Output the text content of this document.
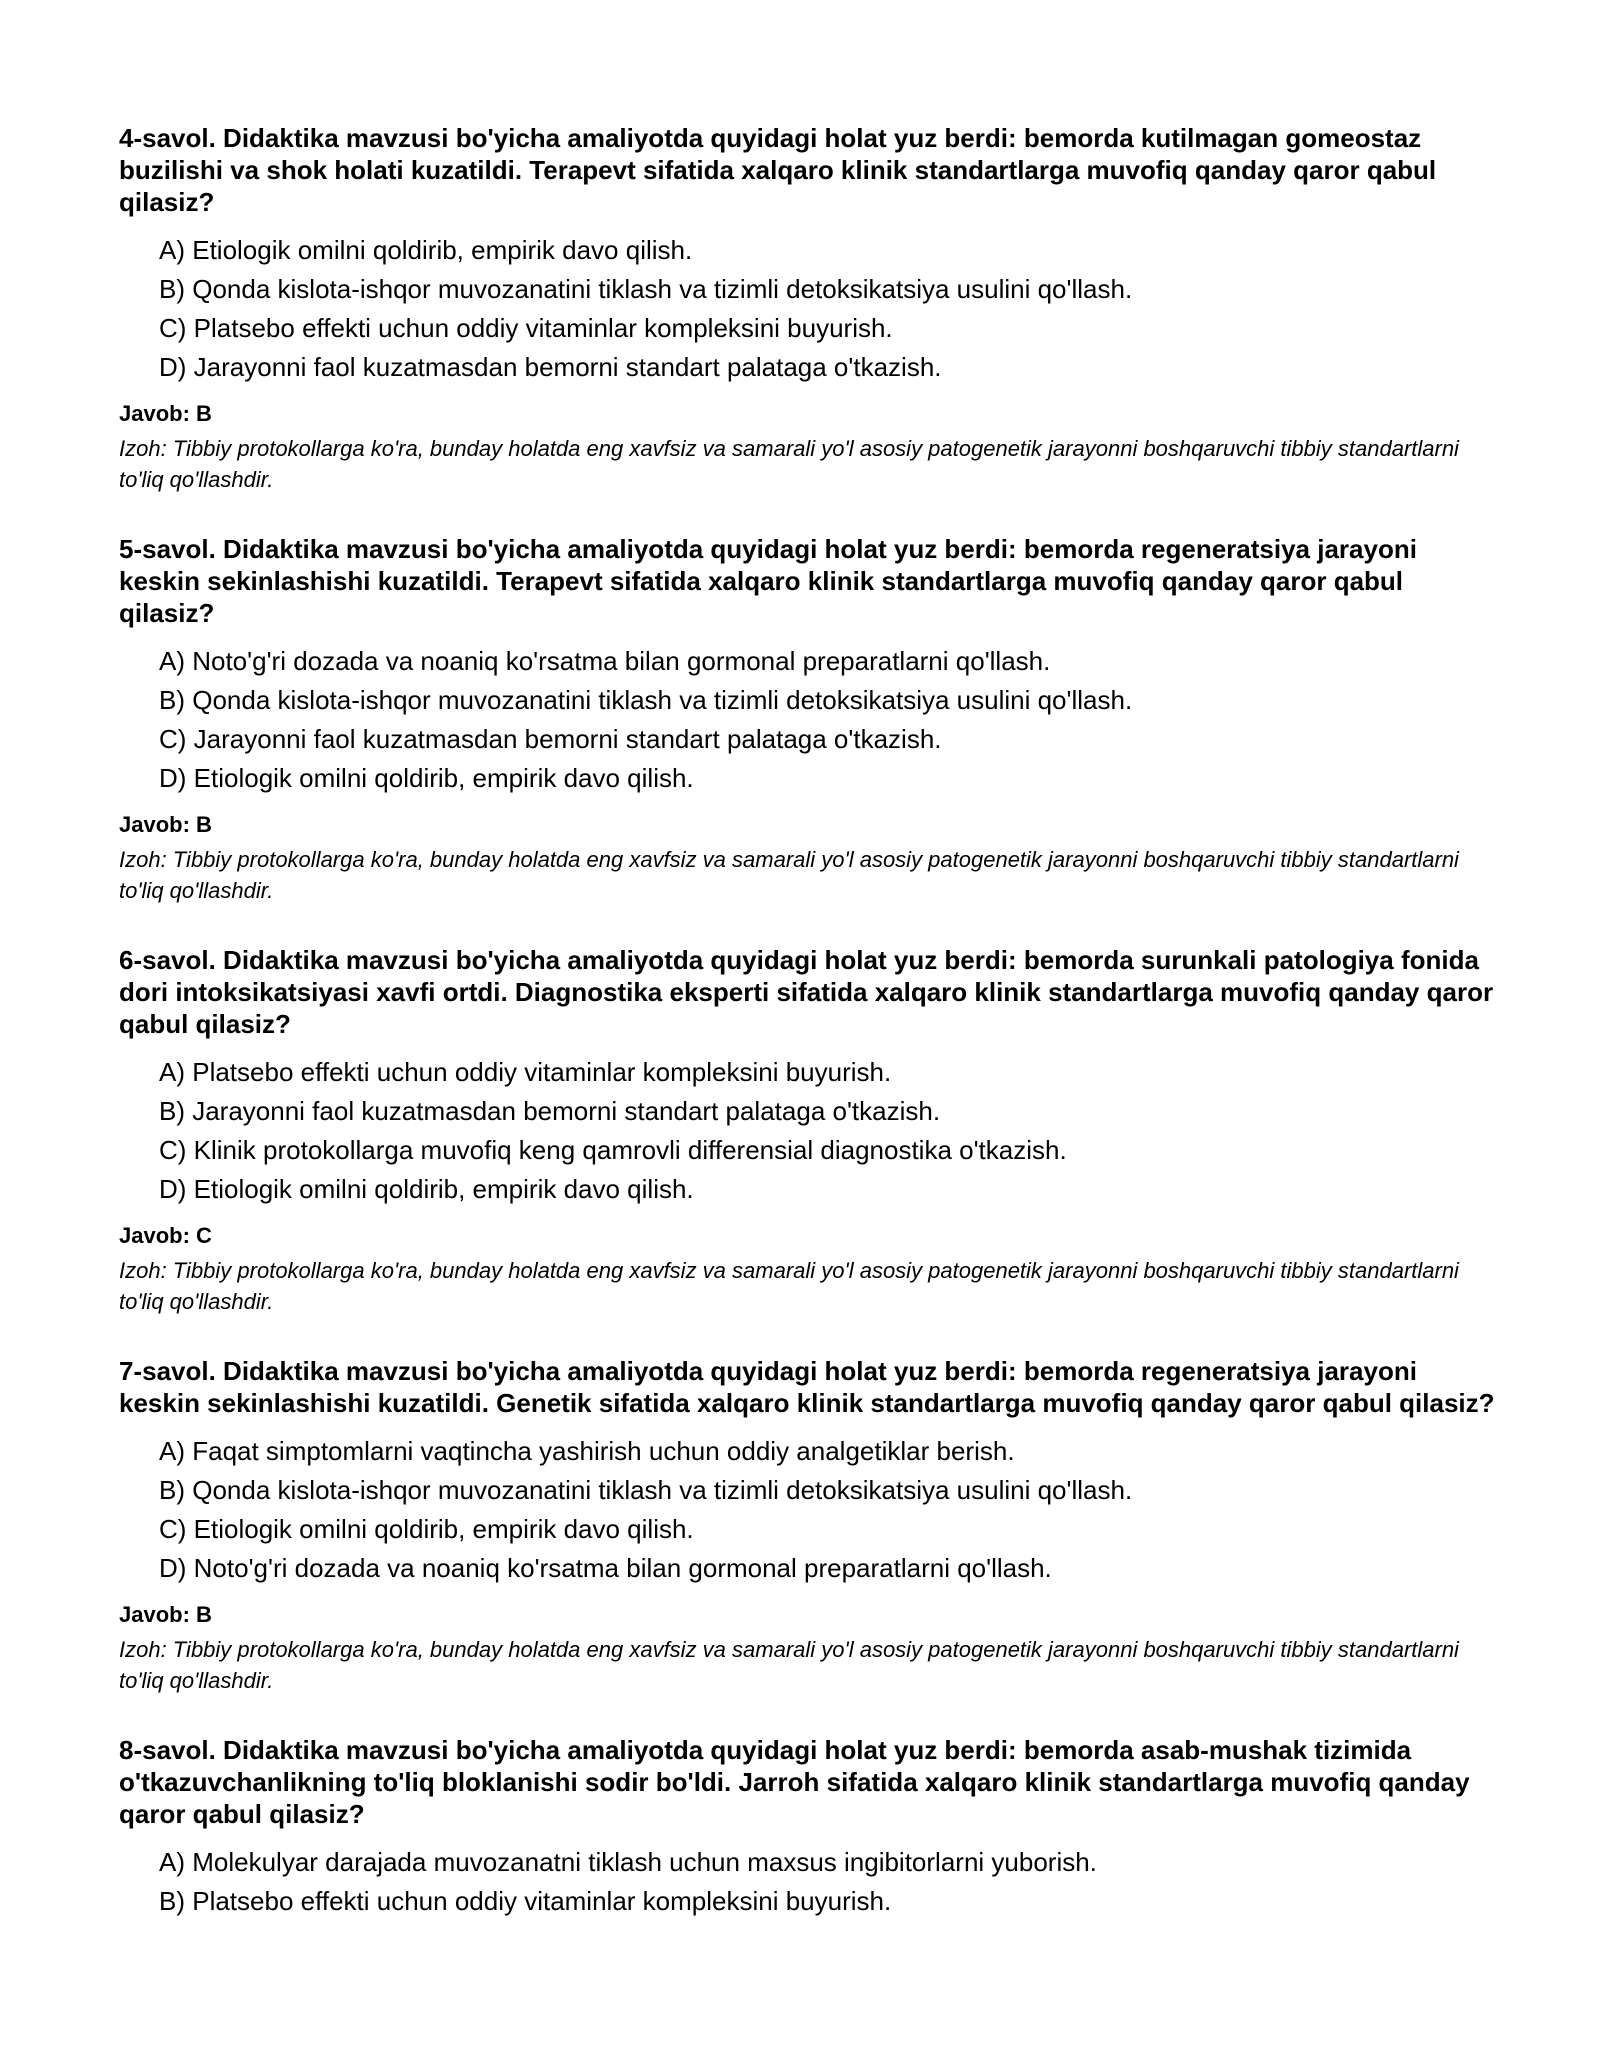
4-savol. Didaktika mavzusi bo'yicha amaliyotda quyidagi holat yuz berdi: bemorda kutilmagan gomeostaz buzilishi va shok holati kuzatildi. Terapevt sifatida xalqaro klinik standartlarga muvofiq qanday qaror qabul qilasiz?
A) Etiologik omilni qoldirib, empirik davo qilish.
B) Qonda kislota-ishqor muvozanatini tiklash va tizimli detoksikatsiya usulini qo'llash.
C) Platsebo effekti uchun oddiy vitaminlar kompleksini buyurish.
D) Jarayonni faol kuzatmasdan bemorni standart palataga o'tkazish.
Javob: B
Izoh: Tibbiy protokollarga ko'ra, bunday holatda eng xavfsiz va samarali yo'l asosiy patogenetik jarayonni boshqaruvchi tibbiy standartlarni to'liq qo'llashdir.
5-savol. Didaktika mavzusi bo'yicha amaliyotda quyidagi holat yuz berdi: bemorda regeneratsiya jarayoni keskin sekinlashishi kuzatildi. Terapevt sifatida xalqaro klinik standartlarga muvofiq qanday qaror qabul qilasiz?
A) Noto'g'ri dozada va noaniq ko'rsatma bilan gormonal preparatlarni qo'llash.
B) Qonda kislota-ishqor muvozanatini tiklash va tizimli detoksikatsiya usulini qo'llash.
C) Jarayonni faol kuzatmasdan bemorni standart palataga o'tkazish.
D) Etiologik omilni qoldirib, empirik davo qilish.
Javob: B
Izoh: Tibbiy protokollarga ko'ra, bunday holatda eng xavfsiz va samarali yo'l asosiy patogenetik jarayonni boshqaruvchi tibbiy standartlarni to'liq qo'llashdir.
6-savol. Didaktika mavzusi bo'yicha amaliyotda quyidagi holat yuz berdi: bemorda surunkali patologiya fonida dori intoksikatsiyasi xavfi ortdi. Diagnostika eksperti sifatida xalqaro klinik standartlarga muvofiq qanday qaror qabul qilasiz?
A) Platsebo effekti uchun oddiy vitaminlar kompleksini buyurish.
B) Jarayonni faol kuzatmasdan bemorni standart palataga o'tkazish.
C) Klinik protokollarga muvofiq keng qamrovli differensial diagnostika o'tkazish.
D) Etiologik omilni qoldirib, empirik davo qilish.
Javob: C
Izoh: Tibbiy protokollarga ko'ra, bunday holatda eng xavfsiz va samarali yo'l asosiy patogenetik jarayonni boshqaruvchi tibbiy standartlarni to'liq qo'llashdir.
7-savol. Didaktika mavzusi bo'yicha amaliyotda quyidagi holat yuz berdi: bemorda regeneratsiya jarayoni keskin sekinlashishi kuzatildi. Genetik sifatida xalqaro klinik standartlarga muvofiq qanday qaror qabul qilasiz?
A) Faqat simptomlarni vaqtincha yashirish uchun oddiy analgetiklar berish.
B) Qonda kislota-ishqor muvozanatini tiklash va tizimli detoksikatsiya usulini qo'llash.
C) Etiologik omilni qoldirib, empirik davo qilish.
D) Noto'g'ri dozada va noaniq ko'rsatma bilan gormonal preparatlarni qo'llash.
Javob: B
Izoh: Tibbiy protokollarga ko'ra, bunday holatda eng xavfsiz va samarali yo'l asosiy patogenetik jarayonni boshqaruvchi tibbiy standartlarni to'liq qo'llashdir.
8-savol. Didaktika mavzusi bo'yicha amaliyotda quyidagi holat yuz berdi: bemorda asab-mushak tizimida o'tkazuvchanlikning to'liq bloklanishi sodir bo'ldi. Jarroh sifatida xalqaro klinik standartlarga muvofiq qanday qaror qabul qilasiz?
A) Molekulyar darajada muvozanatni tiklash uchun maxsus ingibitorlarni yuborish.
B) Platsebo effekti uchun oddiy vitaminlar kompleksini buyurish.
